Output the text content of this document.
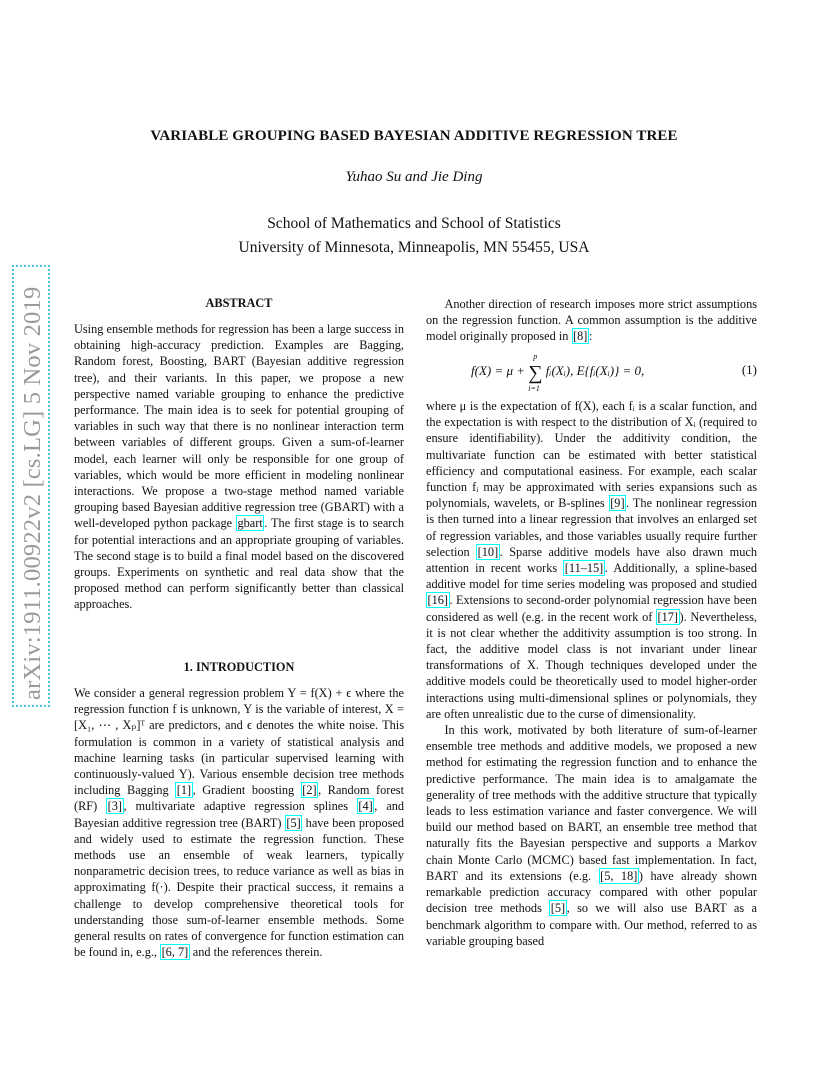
VARIABLE GROUPING BASED BAYESIAN ADDITIVE REGRESSION TREE
Yuhao Su and Jie Ding
School of Mathematics and School of Statistics
University of Minnesota, Minneapolis, MN 55455, USA
arXiv:1911.00922v2 [cs.LG] 5 Nov 2019	ABSTRACT

Using ensemble methods for regression has been a large success in obtaining high-accuracy prediction. Examples are Bagging, Random forest, Boosting, BART (Bayesian additive regression tree), and their variants. In this paper, we propose a new perspective named variable grouping to enhance the predictive performance. The main idea is to seek for potential grouping of variables in such way that there is no nonlinear interaction term between variables of different groups. Given a sum-of-learner model, each learner will only be responsible for one group of variables, which would be more efficient in modeling nonlinear interactions. We propose a two-stage method named variable grouping based Bayesian additive regression tree (GBART) with a well-developed python package gbart . The first stage is to search for potential interactions and an appropriate grouping of variables. The second stage is to build a final model based on the discovered groups. Experiments on synthetic and real data show that the proposed method can perform significantly better than classical approaches.

1. INTRODUCTION

We consider a general regression problem Y = f(X) + ϵ where the regression function f is unknown, Y is the variable of interest, X = [X₁, ⋯ , Xₚ]ᵀ are predictors, and ϵ denotes the white noise. This formulation is common in a variety of statistical analysis and machine learning tasks (in particular supervised learning with continuously-valued Y). Various ensemble decision tree methods including Bagging [1] , Gradient boosting [2] , Random forest (RF) [3] , multivariate adaptive regression splines [4] , and Bayesian additive regression tree (BART) [5] have been proposed and widely used to estimate the regression function. These methods use an ensemble of weak learners, typically nonparametric decision trees, to reduce variance as well as bias in approximating f(·). Despite their practical success, it remains a challenge to develop comprehensive theoretical tools for understanding those sum-of-learner ensemble methods. Some general results on rates of convergence for function estimation can be found in, e.g., [6, 7] and the references therein.

Another direction of research imposes more strict assumptions on the regression function. A common assumption is the additive model originally proposed in [8] :

f(X) = μ + ∑
p
i=1
fᵢ(Xᵢ), E{fᵢ(Xᵢ)} = 0,	(1)

where μ is the expectation of f(X), each fᵢ is a scalar function, and the expectation is with respect to the distribution of Xᵢ (required to ensure identifiability). Under the additivity condition, the multivariate function can be estimated with better statistical efficiency and computational easiness. For example, each scalar function fᵢ may be approximated with series expansions such as polynomials, wavelets, or B-splines [9] . The nonlinear regression is then turned into a linear regression that involves an enlarged set of regression variables, and those variables usually require further selection [10] . Sparse additive models have also drawn much attention in recent works [11–15] . Additionally, a spline-based additive model for time series modeling was proposed and studied [16] . Extensions to second-order polynomial regression have been considered as well (e.g. in the recent work of [17] ). Nevertheless, it is not clear whether the additivity assumption is too strong. In fact, the additive model class is not invariant under linear transformations of X. Though techniques developed under the additive models could be theoretically used to model higher-order interactions using multi-dimensional splines or polynomials, they are often unrealistic due to the curse of dimensionality.

In this work, motivated by both literature of sum-of-learner ensemble tree methods and additive models, we proposed a new method for estimating the regression function and to enhance the predictive performance. The main idea is to amalgamate the generality of tree methods with the additive structure that typically leads to less estimation variance and faster convergence. We will build our method based on BART, an ensemble tree method that naturally fits the Bayesian perspective and supports a Markov chain Monte Carlo (MCMC) based fast implementation. In fact, BART and its extensions (e.g. [5, 18] ) have already shown remarkable prediction accuracy compared with other popular decision tree methods [5] , so we will also use BART as a benchmark algorithm to compare with. Our method, referred to as variable grouping based
